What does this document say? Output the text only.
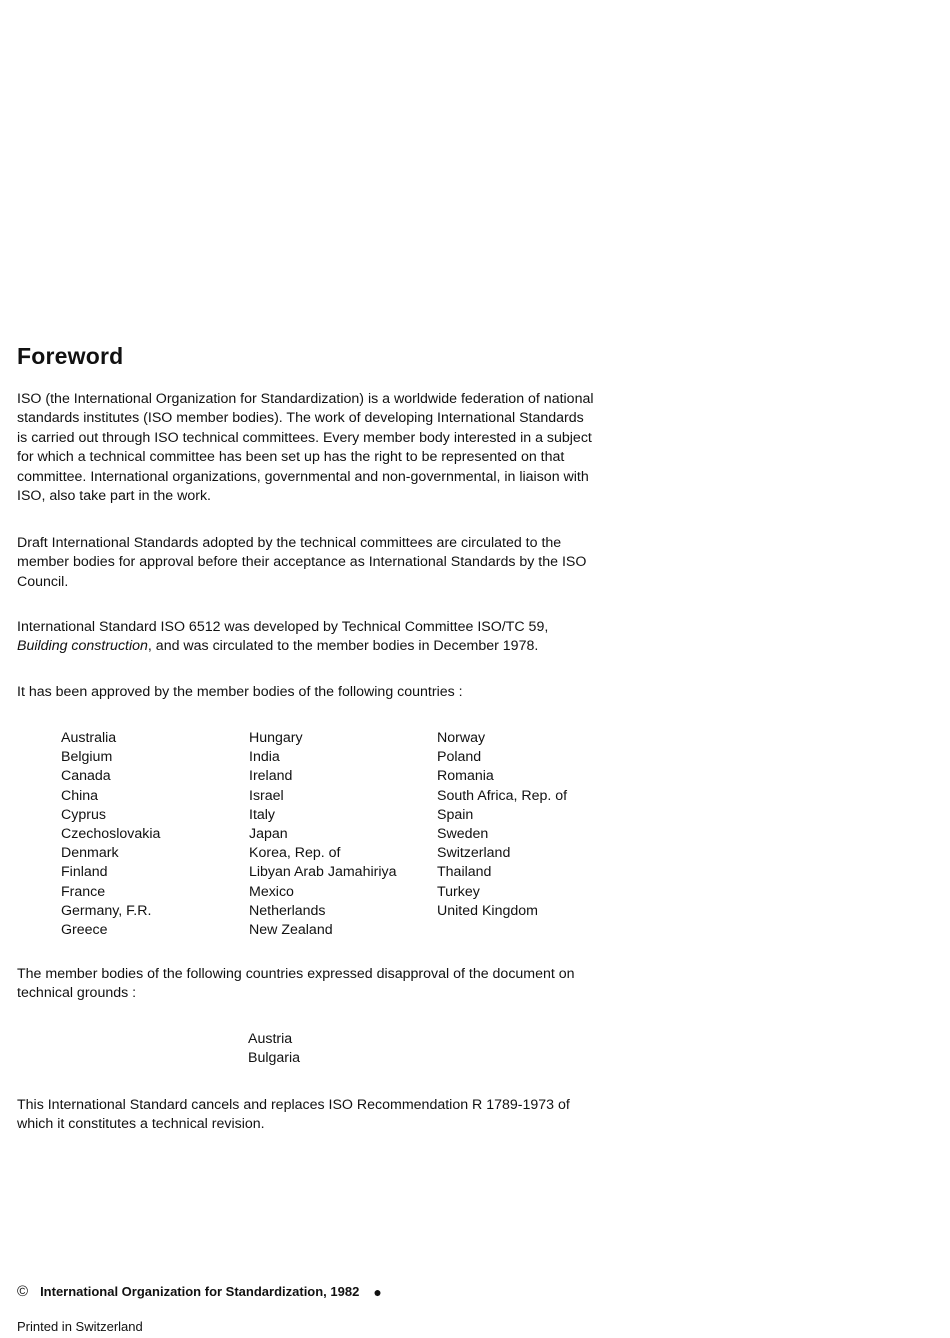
Foreword

ISO (the International Organization for Standardization) is a worldwide federation of national standards institutes (ISO member bodies). The work of developing International Standards is carried out through ISO technical committees. Every member body interested in a subject for which a technical committee has been set up has the right to be represented on that committee. International organizations, governmental and non-governmental, in liaison with ISO, also take part in the work.

Draft International Standards adopted by the technical committees are circulated to the member bodies for approval before their acceptance as International Standards by the ISO Council.

International Standard ISO 6512 was developed by Technical Committee ISO/TC 59, Building construction, and was circulated to the member bodies in December 1978.

It has been approved by the member bodies of the following countries :

Australia
Belgium
Canada
China
Cyprus
Czechoslovakia
Denmark
Finland
France
Germany, F.R.
Greece
Hungary
India
Ireland
Israel
Italy
Japan
Korea, Rep. of
Libyan Arab Jamahiriya
Mexico
Netherlands
New Zealand
Norway
Poland
Romania
South Africa, Rep. of
Spain
Sweden
Switzerland
Thailand
Turkey
United Kingdom

The member bodies of the following countries expressed disapproval of the document on technical grounds :

Austria
Bulgaria

This International Standard cancels and replaces ISO Recommendation R 1789-1973 of which it constitutes a technical revision.

© International Organization for Standardization, 1982 ●
Printed in Switzerland
